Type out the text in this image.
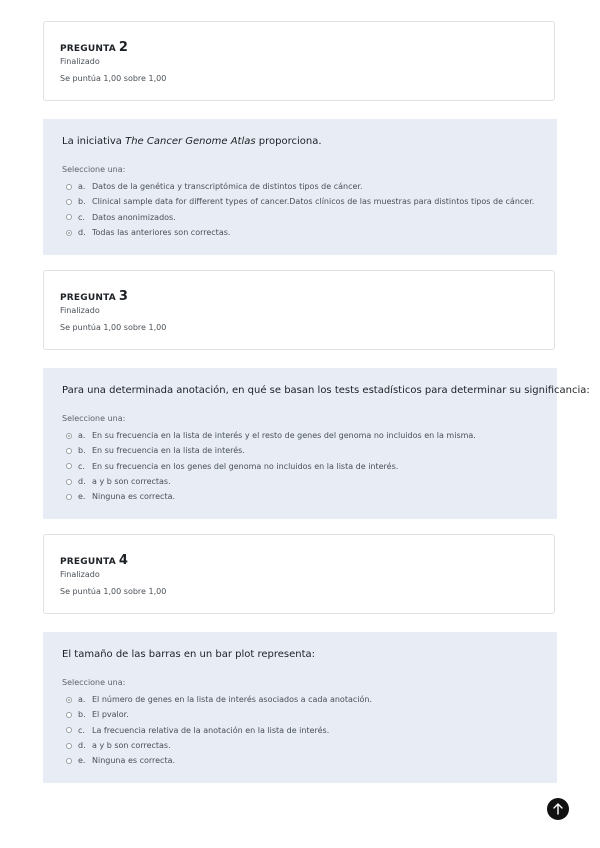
PREGUNTA 2
Finalizado
Se puntúa 1,00 sobre 1,00
La iniciativa The Cancer Genome Atlas proporciona.
Seleccione una:
a. Datos de la genética y transcriptómica de distintos tipos de cáncer.
b. Clinical sample data for different types of cancer.Datos clínicos de las muestras para distintos tipos de cáncer.
c. Datos anonimizados.
d. Todas las anteriores son correctas.
PREGUNTA 3
Finalizado
Se puntúa 1,00 sobre 1,00
Para una determinada anotación, en qué se basan los tests estadísticos para determinar su significancia:
Seleccione una:
a. En su frecuencia en la lista de interés y el resto de genes del genoma no incluidos en la misma.
b. En su frecuencia en la lista de interés.
c. En su frecuencia en los genes del genoma no incluidos en la lista de interés.
d. a y b son correctas.
e. Ninguna es correcta.
PREGUNTA 4
Finalizado
Se puntúa 1,00 sobre 1,00
El tamaño de las barras en un bar plot representa:
Seleccione una:
a. El número de genes en la lista de interés asociados a cada anotación.
b. El pvalor.
c. La frecuencia relativa de la anotación en la lista de interés.
d. a y b son correctas.
e. Ninguna es correcta.
